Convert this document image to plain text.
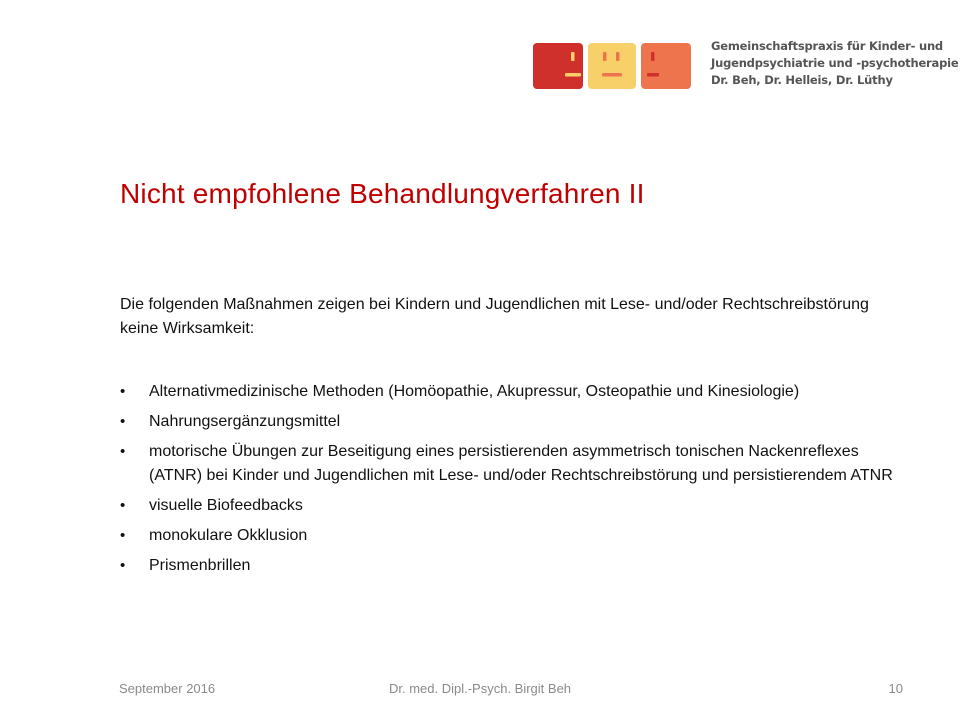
Gemeinschaftspraxis für Kinder- und
Jugendpsychiatrie und -psychotherapie
Dr. Beh, Dr. Helleis, Dr. Lüthy
Nicht empfohlene Behandlungverfahren II

Die folgenden Maßnahmen zeigen bei Kindern und Jugendlichen mit Lese- und/oder Rechtschreibstörung keine Wirksamkeit:

• Alternativmedizinische Methoden (Homöopathie, Akupressur, Osteopathie und Kinesiologie)
• Nahrungsergänzungsmittel
• motorische Übungen zur Beseitigung eines persistierenden asymmetrisch tonischen Nackenreflexes (ATNR) bei Kinder und Jugendlichen mit Lese- und/oder Rechtschreibstörung und persistierendem ATNR
• visuelle Biofeedbacks
• monokulare Okklusion
• Prismenbrillen
September 2016	Dr. med. Dipl.-Psych. Birgit Beh	10
